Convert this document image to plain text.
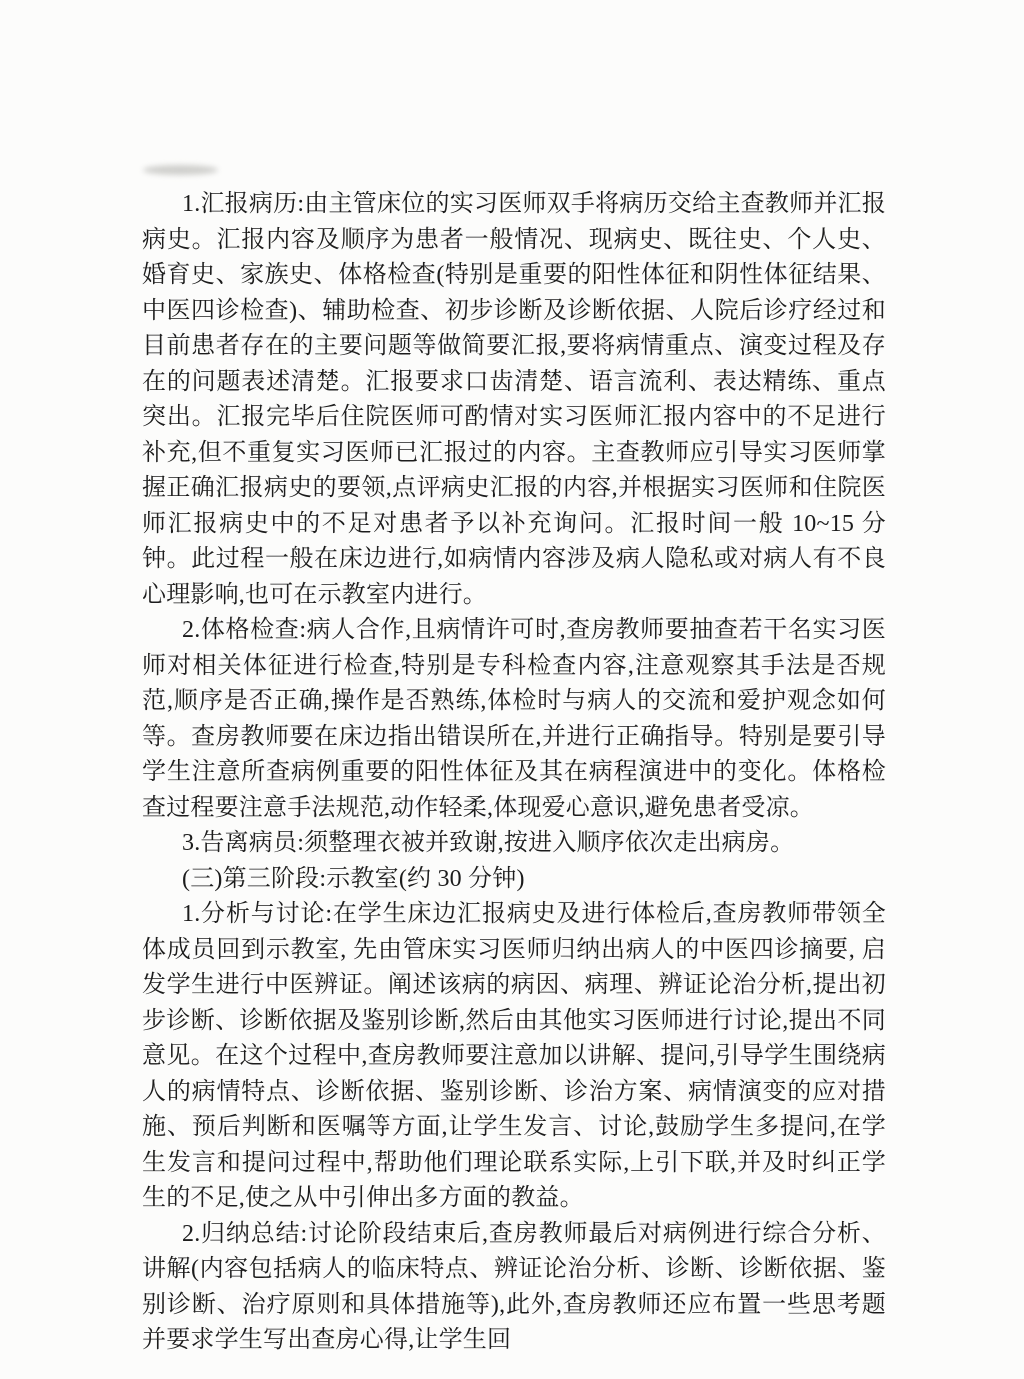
1.汇报病历:由主管床位的实习医师双手将病历交给主查教师并汇报病史。汇报内容及顺序为患者一般情况、现病史、既往史、个人史、婚育史、家族史、体格检查(特别是重要的阳性体征和阴性体征结果、中医四诊检查)、辅助检查、初步诊断及诊断依据、人院后诊疗经过和目前患者存在的主要问题等做简要汇报,要将病情重点、演变过程及存在的问题表述清楚。汇报要求口齿清楚、语言流利、表达精练、重点突出。汇报完毕后住院医师可酌情对实习医师汇报内容中的不足进行补充,但不重复实习医师已汇报过的内容。主查教师应引导实习医师掌握正确汇报病史的要领,点评病史汇报的内容,并根据实习医师和住院医师汇报病史中的不足对患者予以补充询问。汇报时间一般 10~15 分钟。此过程一般在床边进行,如病情内容涉及病人隐私或对病人有不良心理影响,也可在示教室内进行。

2.体格检查:病人合作,且病情许可时,查房教师要抽查若干名实习医师对相关体征进行检查,特别是专科检查内容,注意观察其手法是否规范,顺序是否正确,操作是否熟练,体检时与病人的交流和爱护观念如何等。查房教师要在床边指出错误所在,并进行正确指导。特别是要引导学生注意所查病例重要的阳性体征及其在病程演进中的变化。体格检查过程要注意手法规范,动作轻柔,体现爱心意识,避免患者受凉。

3.告离病员:须整理衣被并致谢,按进入顺序依次走出病房。

(三)第三阶段:示教室(约 30 分钟)

1.分析与讨论:在学生床边汇报病史及进行体检后,查房教师带领全体成员回到示教室, 先由管床实习医师归纳出病人的中医四诊摘要, 启发学生进行中医辨证。阐述该病的病因、病理、辨证论治分析,提出初步诊断、诊断依据及鉴别诊断,然后由其他实习医师进行讨论,提出不同意见。在这个过程中,查房教师要注意加以讲解、提问,引导学生围绕病人的病情特点、诊断依据、鉴别诊断、诊治方案、病情演变的应对措施、预后判断和医嘱等方面,让学生发言、讨论,鼓励学生多提问,在学生发言和提问过程中,帮助他们理论联系实际,上引下联,并及时纠正学生的不足,使之从中引伸出多方面的教益。

2.归纳总结:讨论阶段结束后,查房教师最后对病例进行综合分析、讲解(内容包括病人的临床特点、辨证论治分析、诊断、诊断依据、鉴别诊断、治疗原则和具体措施等),此外,查房教师还应布置一些思考题并要求学生写出查房心得,让学生回
